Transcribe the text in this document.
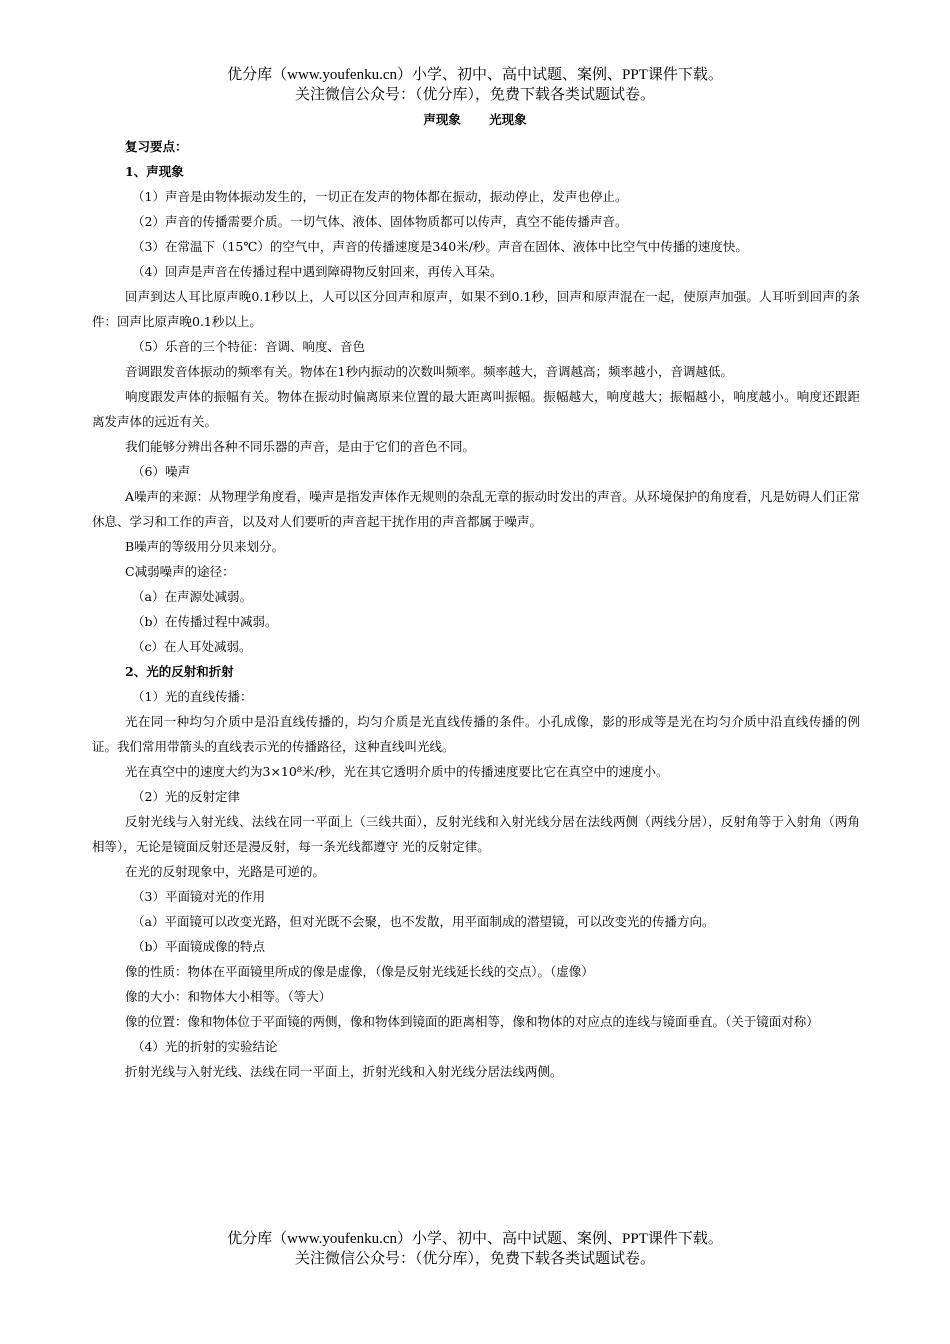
优分库（www.youfenku.cn）小学、初中、高中试题、案例、PPT课件下载。
关注微信公众号：（优分库），免费下载各类试题试卷。
声现象 光现象

复习要点：

1、声现象

（1）声音是由物体振动发生的，一切正在发声的物体都在振动，振动停止，发声也停止。

（2）声音的传播需要介质。一切气体、液体、固体物质都可以传声，真空不能传播声音。

（3）在常温下（15℃）的空气中，声音的传播速度是340米/秒。声音在固体、液体中比空气中传播的速度快。

（4）回声是声音在传播过程中遇到障碍物反射回来，再传入耳朵。

回声到达人耳比原声晚0.1秒以上，人可以区分回声和原声，如果不到0.1秒，回声和原声混在一起，使原声加强。人耳听到回声的条件：回声比原声晚0.1秒以上。

（5）乐音的三个特征：音调、响度、音色

音调跟发音体振动的频率有关。物体在1秒内振动的次数叫频率。频率越大，音调越高；频率越小，音调越低。

响度跟发声体的振幅有关。物体在振动时偏离原来位置的最大距离叫振幅。振幅越大，响度越大；振幅越小，响度越小。响度还跟距离发声体的远近有关。

我们能够分辨出各种不同乐器的声音，是由于它们的音色不同。

（6）噪声

A噪声的来源：从物理学角度看，噪声是指发声体作无规则的杂乱无章的振动时发出的声音。从环境保护的角度看，凡是妨碍人们正常休息、学习和工作的声音，以及对人们要听的声音起干扰作用的声音都属于噪声。

B噪声的等级用分贝来划分。

C减弱噪声的途径：

（a）在声源处减弱。

（b）在传播过程中减弱。

（c）在人耳处减弱。

2、光的反射和折射

（1）光的直线传播：

光在同一种均匀介质中是沿直线传播的，均匀介质是光直线传播的条件。小孔成像，影的形成等是光在均匀介质中沿直线传播的例证。我们常用带箭头的直线表示光的传播路径，这种直线叫光线。

光在真空中的速度大约为3×10⁸米/秒，光在其它透明介质中的传播速度要比它在真空中的速度小。

（2）光的反射定律

反射光线与入射光线、法线在同一平面上（三线共面），反射光线和入射光线分居在法线两侧（两线分居），反射角等于入射角（两角相等），无论是镜面反射还是漫反射，每一条光线都遵守 光的反射定律。

在光的反射现象中，光路是可逆的。

（3）平面镜对光的作用

（a）平面镜可以改变光路，但对光既不会聚，也不发散，用平面制成的潜望镜，可以改变光的传播方向。

（b）平面镜成像的特点

像的性质：物体在平面镜里所成的像是虚像，（像是反射光线延长线的交点）。（虚像）

像的大小：和物体大小相等。（等大）

像的位置：像和物体位于平面镜的两侧，像和物体到镜面的距离相等，像和物体的对应点的连线与镜面垂直。（关于镜面对称）

（4）光的折射的实验结论

折射光线与入射光线、法线在同一平面上，折射光线和入射光线分居法线两侧。

优分库（www.youfenku.cn）小学、初中、高中试题、案例、PPT课件下载。
关注微信公众号：（优分库），免费下载各类试题试卷。
